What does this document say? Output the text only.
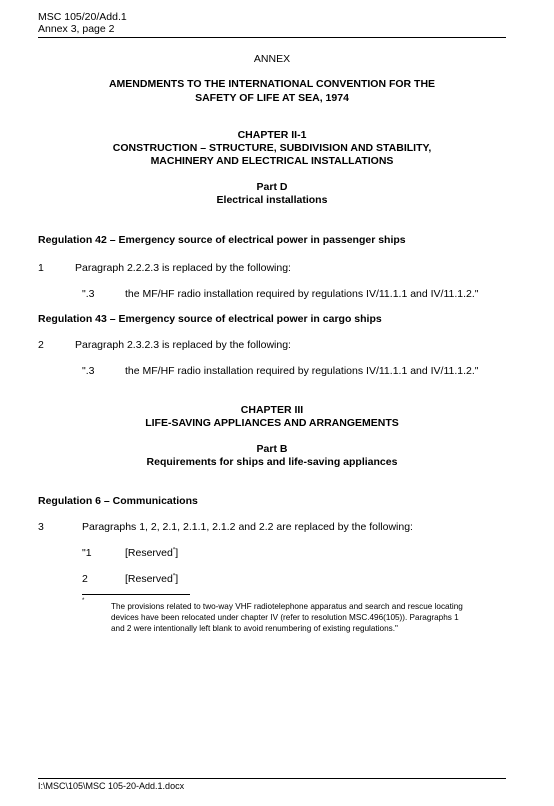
MSC 105/20/Add.1
Annex 3, page 2
ANNEX
AMENDMENTS TO THE INTERNATIONAL CONVENTION FOR THE
SAFETY OF LIFE AT SEA, 1974
CHAPTER II-1
CONSTRUCTION – STRUCTURE, SUBDIVISION AND STABILITY,
MACHINERY AND ELECTRICAL INSTALLATIONS
Part D
Electrical installations
Regulation 42 – Emergency source of electrical power in passenger ships
1	Paragraph 2.2.2.3 is replaced by the following:
".3	the MF/HF radio installation required by regulations IV/11.1.1 and IV/11.1.2."
Regulation 43 – Emergency source of electrical power in cargo ships
2	Paragraph 2.3.2.3 is replaced by the following:
".3	the MF/HF radio installation required by regulations IV/11.1.1 and IV/11.1.2."
CHAPTER III
LIFE-SAVING APPLIANCES AND ARRANGEMENTS
Part B
Requirements for ships and life-saving appliances
Regulation 6 – Communications
3	Paragraphs 1, 2, 2.1, 2.1.1, 2.1.2 and 2.2 are replaced by the following:
"1	[Reserved*]
2	[Reserved*]
*
The provisions related to two-way VHF radiotelephone apparatus and search and rescue locating
devices have been relocated under chapter IV (refer to resolution MSC.496(105)). Paragraphs 1
and 2 were intentionally left blank to avoid renumbering of existing regulations."
I:\MSC\105\MSC 105-20-Add.1.docx
